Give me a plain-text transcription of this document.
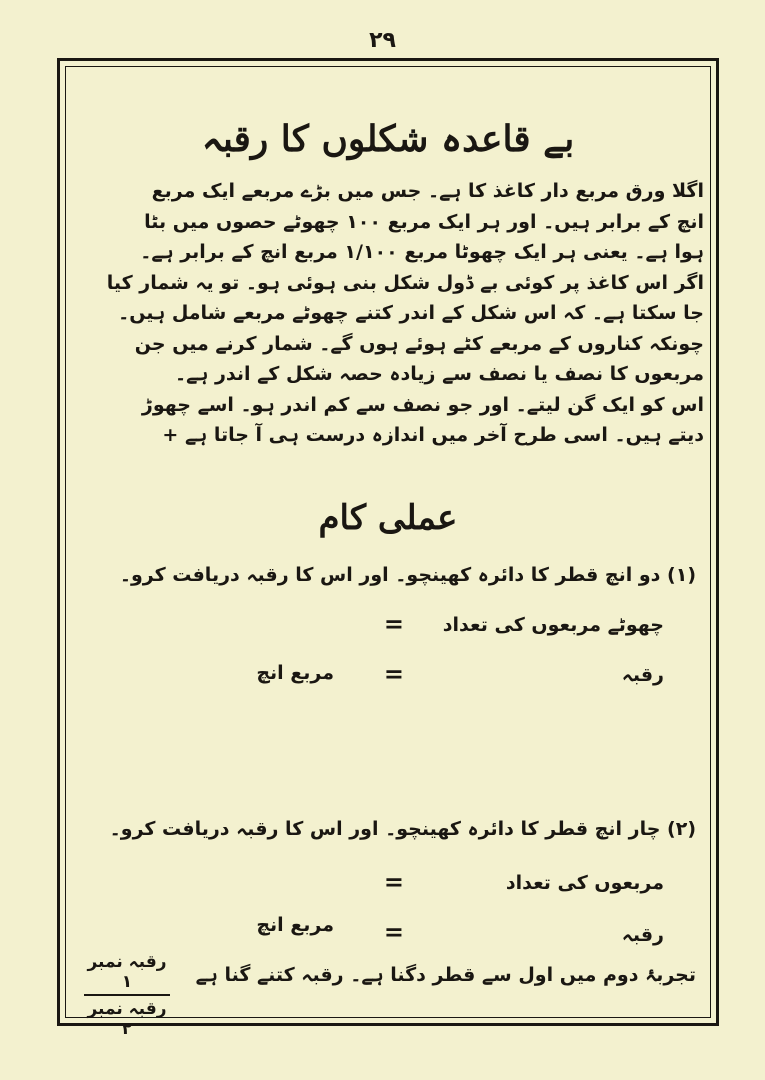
۲۹
بے قاعدہ شکلوں کا رقبہ
اگلا ورق مربع دار کاغذ کا ہے۔ جس میں بڑے مربعے ایک مربع
انچ کے برابر ہیں۔ اور ہر ایک مربع ۱۰۰ چھوٹے حصوں میں بٹا
ہوا ہے۔ یعنی ہر ایک چھوٹا مربع ۱/۱۰۰ مربع انچ کے برابر ہے۔
اگر اس کاغذ پر کوئی بے ڈول شکل بنی ہوئی ہو۔ تو یہ شمار کیا
جا سکتا ہے۔ کہ اس شکل کے اندر کتنے چھوٹے مربعے شامل ہیں۔
چونکہ کناروں کے مربعے کٹے ہوئے ہوں گے۔ شمار کرنے میں جن
مربعوں کا نصف یا نصف سے زیادہ حصہ شکل کے اندر ہے۔
اس کو ایک گن لیتے۔ اور جو نصف سے کم اندر ہو۔ اسے چھوڑ
دیتے ہیں۔ اسی طرح آخر میں اندازہ درست ہی آ جاتا ہے +
عملی کام
(۱) دو انچ قطر کا دائرہ کھینچو۔ اور اس کا رقبہ دریافت کرو۔
چھوٹے مربعوں کی تعداد
=
رقبہ
=
مربع انچ
(۲) چار انچ قطر کا دائرہ کھینچو۔ اور اس کا رقبہ دریافت کرو۔
مربعوں کی تعداد
=
رقبہ
=
مربع انچ
تجربۂ دوم میں اول سے قطر دگنا ہے۔ رقبہ کتنے گنا ہے
رقبہ نمبر ۱
رقبہ نمبر ۲
